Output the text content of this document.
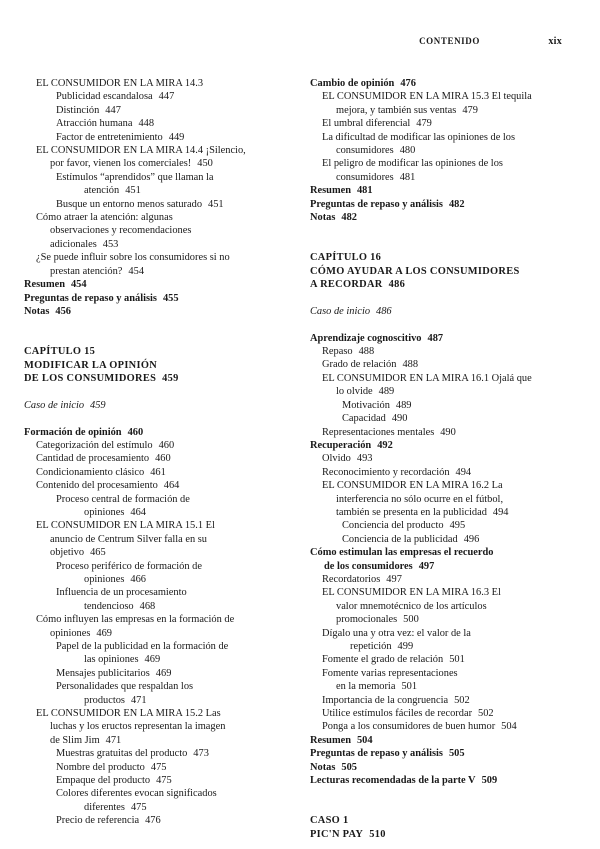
CONTENIDO	xix
EL CONSUMIDOR EN LA MIRA 14.3
Publicidad escandalosa 447
Distinción 447
Atracción humana 448
Factor de entretenimiento 449
EL CONSUMIDOR EN LA MIRA 14.4 ¡Silencio,
por favor, vienen los comerciales! 450
Estímulos “aprendidos” que llaman la
atención 451
Busque un entorno menos saturado 451
Cómo atraer la atención: algunas
observaciones y recomendaciones
adicionales 453
¿Se puede influir sobre los consumidores si no
prestan atención? 454
Resumen 454
Preguntas de repaso y análisis 455
Notas 456
CAPÍTULO 15
MODIFICAR LA OPINIÓN
DE LOS CONSUMIDORES 459
Caso de inicio 459
Formación de opinión 460
Categorización del estímulo 460
Cantidad de procesamiento 460
Condicionamiento clásico 461
Contenido del procesamiento 464
Proceso central de formación de
opiniones 464
EL CONSUMIDOR EN LA MIRA 15.1 El
anuncio de Centrum Silver falla en su
objetivo 465
Proceso periférico de formación de
opiniones 466
Influencia de un procesamiento
tendencioso 468
Cómo influyen las empresas en la formación de
opiniones 469
Papel de la publicidad en la formación de
las opiniones 469
Mensajes publicitarios 469
Personalidades que respaldan los
productos 471
EL CONSUMIDOR EN LA MIRA 15.2 Las
luchas y los eructos representan la imagen
de Slim Jim 471
Muestras gratuitas del producto 473
Nombre del producto 475
Empaque del producto 475
Colores diferentes evocan significados
diferentes 475
Precio de referencia 476
Cambio de opinión 476
EL CONSUMIDOR EN LA MIRA 15.3 El tequila
mejora, y también sus ventas 479
El umbral diferencial 479
La dificultad de modificar las opiniones de los
consumidores 480
El peligro de modificar las opiniones de los
consumidores 481
Resumen 481
Preguntas de repaso y análisis 482
Notas 482
CAPÍTULO 16
CÓMO AYUDAR A LOS CONSUMIDORES
A RECORDAR 486
Caso de inicio 486
Aprendizaje cognoscitivo 487
Repaso 488
Grado de relación 488
EL CONSUMIDOR EN LA MIRA 16.1 Ojalá que
lo olvide 489
Motivación 489
Capacidad 490
Representaciones mentales 490
Recuperación 492
Olvido 493
Reconocimiento y recordación 494
EL CONSUMIDOR EN LA MIRA 16.2 La
interferencia no sólo ocurre en el fútbol,
también se presenta en la publicidad 494
Conciencia del producto 495
Conciencia de la publicidad 496
Cómo estimulan las empresas el recuerdo
de los consumidores 497
Recordatorios 497
EL CONSUMIDOR EN LA MIRA 16.3 El
valor mnemotécnico de los artículos
promocionales 500
Dígalo una y otra vez: el valor de la
repetición 499
Fomente el grado de relación 501
Fomente varias representaciones
en la memoria 501
Importancia de la congruencia 502
Utilice estímulos fáciles de recordar 502
Ponga a los consumidores de buen humor 504
Resumen 504
Preguntas de repaso y análisis 505
Notas 505
Lecturas recomendadas de la parte V 509
CASO 1
PIC'N PAY 510
